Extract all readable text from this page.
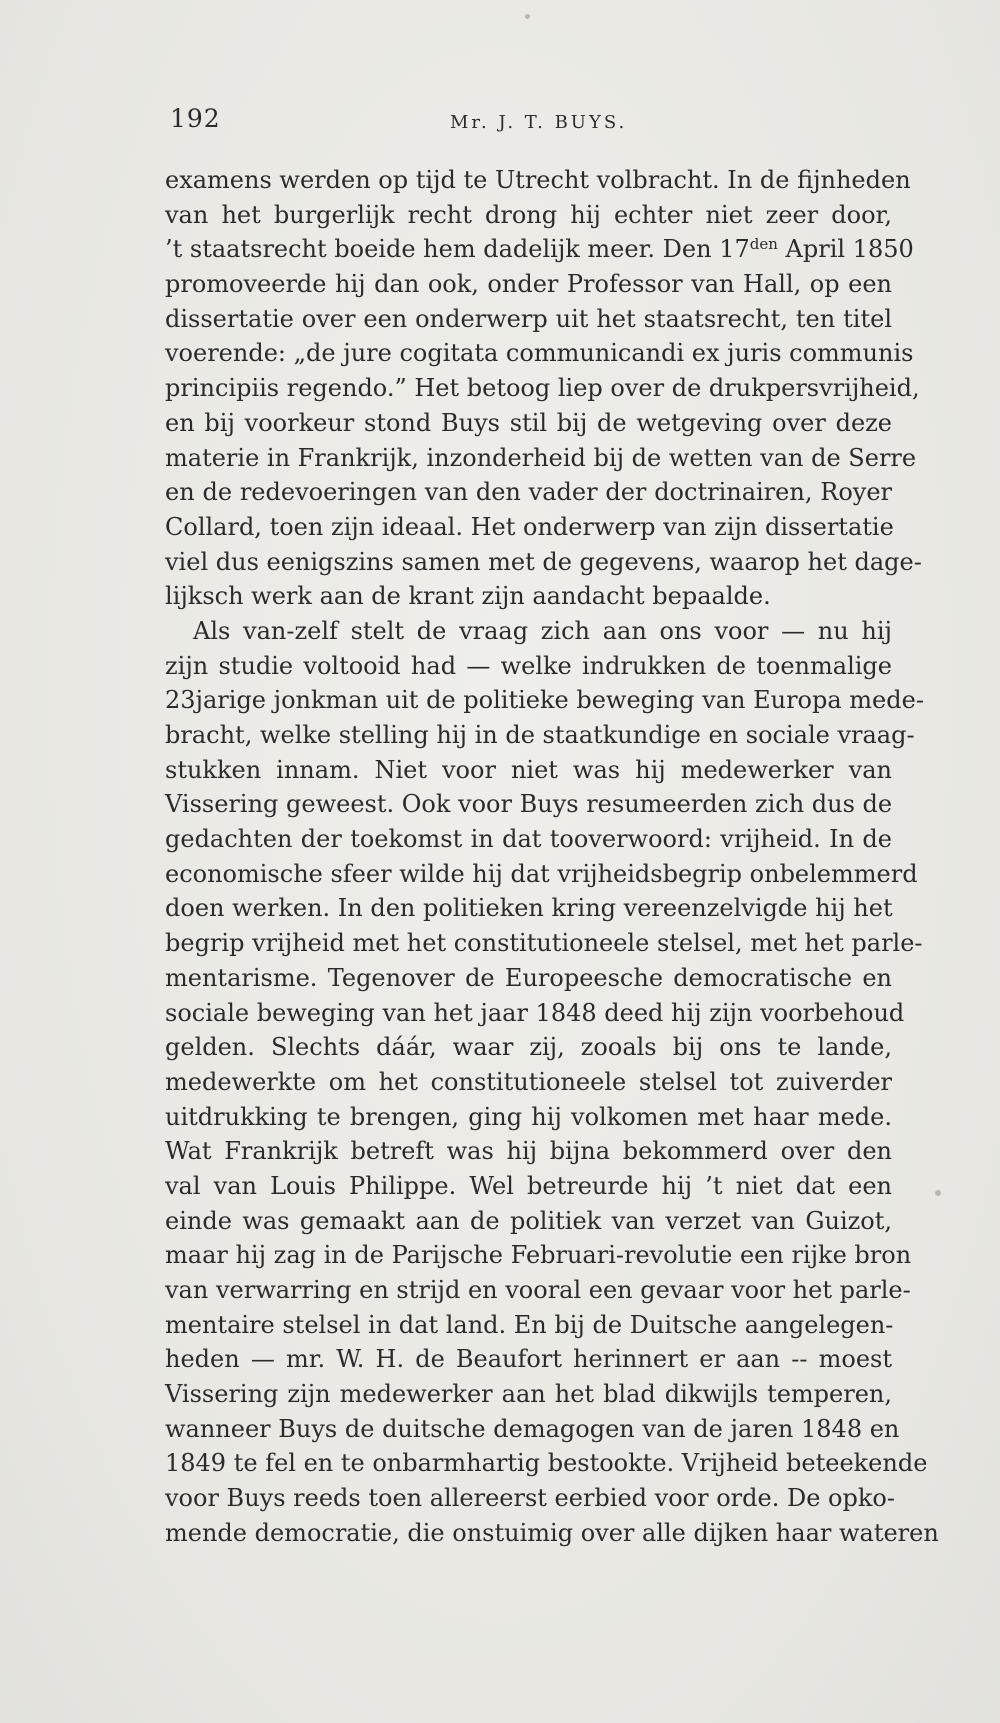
192	Mr. J. T. BUYS.
examens werden op tijd te Utrecht volbracht. In de fijnheden
van het burgerlijk recht drong hij echter niet zeer door,
’t staatsrecht boeide hem dadelijk meer. Den $17^{den}$ April 1850
promoveerde hij dan ook, onder Professor van Hall, op een
dissertatie over een onderwerp uit het staatsrecht, ten titel
voerende: „de jure cogitata communicandi ex juris communis
principiis regendo.” Het betoog liep over de drukpersvrijheid,
en bij voorkeur stond Buys stil bij de wetgeving over deze
materie in Frankrijk, inzonderheid bij de wetten van de Serre
en de redevoeringen van den vader der doctrinairen, Royer
Collard, toen zijn ideaal. Het onderwerp van zijn dissertatie
viel dus eenigszins samen met de gegevens, waarop het dage-
lijksch werk aan de krant zijn aandacht bepaalde.
Als van-zelf stelt de vraag zich aan ons voor — nu hij
zijn studie voltooid had — welke indrukken de toenmalige
23jarige jonkman uit de politieke beweging van Europa mede-
bracht, welke stelling hij in de staatkundige en sociale vraag-
stukken innam. Niet voor niet was hij medewerker van
Vissering geweest. Ook voor Buys resumeerden zich dus de
gedachten der toekomst in dat tooverwoord: vrijheid. In de
economische sfeer wilde hij dat vrijheidsbegrip onbelemmerd
doen werken. In den politieken kring vereenzelvigde hij het
begrip vrijheid met het constitutioneele stelsel, met het parle-
mentarisme. Tegenover de Europeesche democratische en
sociale beweging van het jaar 1848 deed hij zijn voorbehoud
gelden. Slechts dáár, waar zij, zooals bij ons te lande,
medewerkte om het constitutioneele stelsel tot zuiverder
uitdrukking te brengen, ging hij volkomen met haar mede.
Wat Frankrijk betreft was hij bijna bekommerd over den
val van Louis Philippe. Wel betreurde hij ’t niet dat een
einde was gemaakt aan de politiek van verzet van Guizot,
maar hij zag in de Parijsche Februari-revolutie een rijke bron
van verwarring en strijd en vooral een gevaar voor het parle-
mentaire stelsel in dat land. En bij de Duitsche aangelegen-
heden — mr. W. H. de Beaufort herinnert er aan -- moest
Vissering zijn medewerker aan het blad dikwijls temperen,
wanneer Buys de duitsche demagogen van de jaren 1848 en
1849 te fel en te onbarmhartig bestookte. Vrijheid beteekende
voor Buys reeds toen allereerst eerbied voor orde. De opko-
mende democratie, die onstuimig over alle dijken haar wateren
